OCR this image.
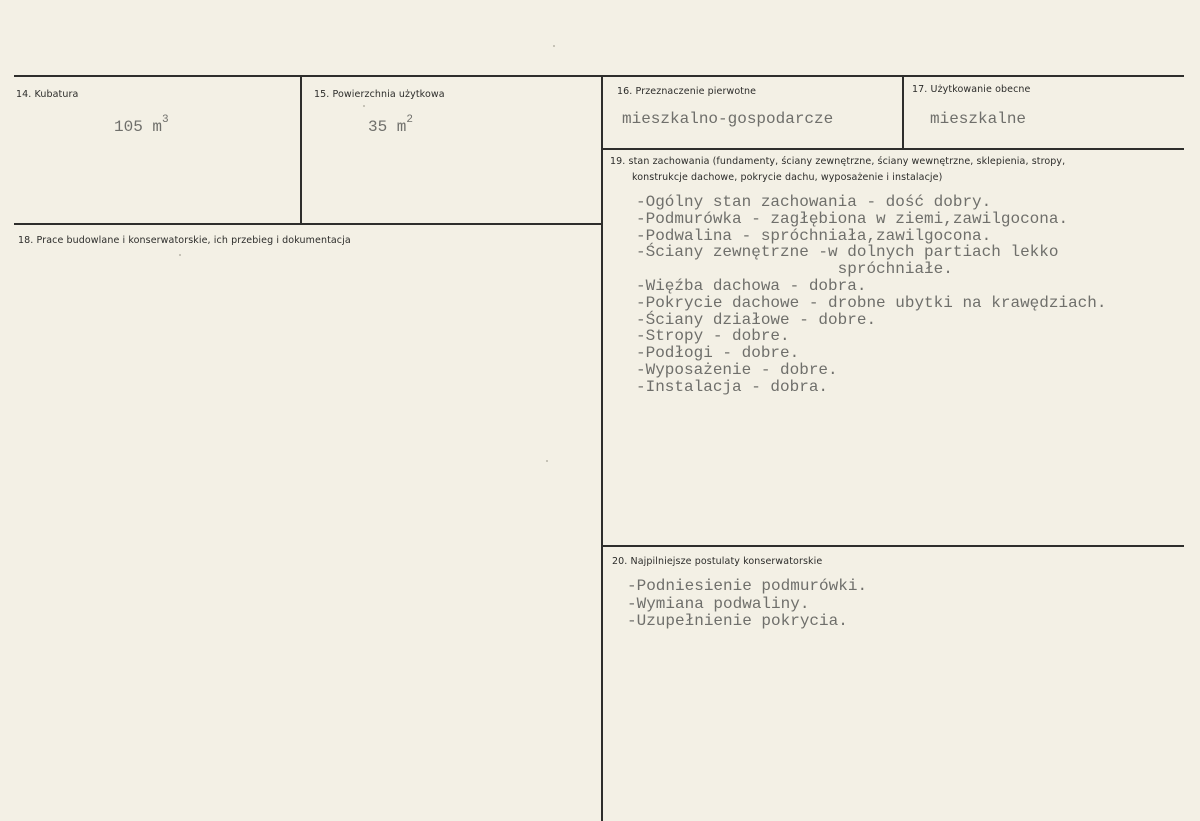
14. Kubatura
105 $m^3$
15. Powierzchnia użytkowa
35 $m^2$
16. Przeznaczenie pierwotne
mieszkalno-gospodarcze
17. Użytkowanie obecne
mieszkalne
18. Prace budowlane i konserwatorskie, ich przebieg i dokumentacja
19. stan zachowania (fundamenty, ściany zewnętrzne, ściany wewnętrzne, sklepienia, stropy,
konstrukcje dachowe, pokrycie dachu, wyposażenie i instalacje)
-Ogólny stan zachowania - dość dobry.
-Podmurówka - zagłębiona w ziemi,zawilgocona.
-Podwalina - spróchniała,zawilgocona.
-Ściany zewnętrzne -w dolnych partiach lekko
spróchniałe.
-Więźba dachowa - dobra.
-Pokrycie dachowe - drobne ubytki na krawędziach.
-Ściany działowe - dobre.
-Stropy - dobre.
-Podłogi - dobre.
-Wyposażenie - dobre.
-Instalacja - dobra.
20. Najpilniejsze postulaty konserwatorskie
-Podniesienie podmurówki.
-Wymiana podwaliny.
-Uzupełnienie pokrycia.
